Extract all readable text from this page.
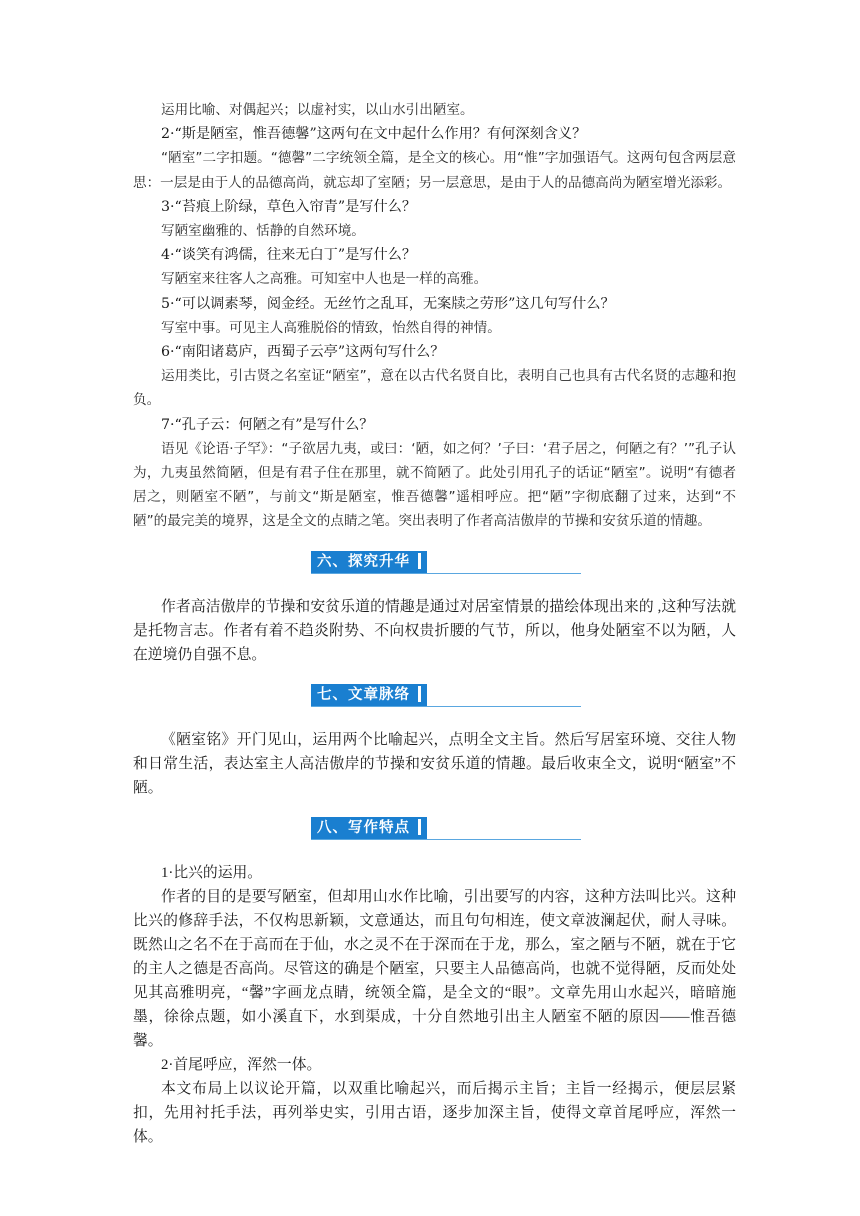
运用比喻、对偶起兴；以虚衬实，以山水引出陋室。

2·“斯是陋室，惟吾德馨”这两句在文中起什么作用？有何深刻含义？

“陋室”二字扣题。“德馨”二字统领全篇，是全文的核心。用“惟”字加强语气。这两句包含两层意思：一层是由于人的品德高尚，就忘却了室陋；另一层意思，是由于人的品德高尚为陋室增光添彩。

3·“苔痕上阶绿，草色入帘青”是写什么？

写陋室幽雅的、恬静的自然环境。

4·“谈笑有鸿儒，往来无白丁”是写什么？

写陋室来往客人之高雅。可知室中人也是一样的高雅。

5·“可以调素琴，阅金经。无丝竹之乱耳，无案牍之劳形”这几句写什么？

写室中事。可见主人高雅脱俗的情致，怡然自得的神情。

6·“南阳诸葛庐，西蜀子云亭”这两句写什么？

运用类比，引古贤之名室证“陋室”，意在以古代名贤自比，表明自己也具有古代名贤的志趣和抱负。

7·“孔子云：何陋之有”是写什么？

语见《论语·子罕》：“子欲居九夷，或曰：‘陋，如之何？’子曰：‘君子居之，何陋之有？’”孔子认为，九夷虽然简陋，但是有君子住在那里，就不简陋了。此处引用孔子的话证“陋室”。说明“有德者居之，则陋室不陋”，与前文“斯是陋室，惟吾德馨”遥相呼应。把“陋”字彻底翻了过来，达到“不陋”的最完美的境界，这是全文的点睛之笔。突出表明了作者高洁傲岸的节操和安贫乐道的情趣。

六、探究升华

作者高洁傲岸的节操和安贫乐道的情趣是通过对居室情景的描绘体现出来的 ,这种写法就是托物言志。作者有着不趋炎附势、不向权贵折腰的气节，所以，他身处陋室不以为陋，人在逆境仍自强不息。

七、文章脉络

《陋室铭》开门见山，运用两个比喻起兴，点明全文主旨。然后写居室环境、交往人物和日常生活，表达室主人高洁傲岸的节操和安贫乐道的情趣。最后收束全文，说明“陋室”不陋。

八、写作特点

1·比兴的运用。

作者的目的是要写陋室，但却用山水作比喻，引出要写的内容，这种方法叫比兴。这种比兴的修辞手法，不仅构思新颖，文意通达，而且句句相连，使文章波澜起伏，耐人寻味。既然山之名不在于高而在于仙，水之灵不在于深而在于龙，那么，室之陋与不陋，就在于它的主人之德是否高尚。尽管这的确是个陋室，只要主人品德高尚，也就不觉得陋，反而处处见其高雅明亮，“馨”字画龙点睛，统领全篇，是全文的“眼”。文章先用山水起兴，暗暗施墨，徐徐点题，如小溪直下，水到渠成，十分自然地引出主人陋室不陋的原因——惟吾德馨。

2·首尾呼应，浑然一体。

本文布局上以议论开篇，以双重比喻起兴，而后揭示主旨；主旨一经揭示，便层层紧扣，先用衬托手法，再列举史实，引用古语，逐步加深主旨，使得文章首尾呼应，浑然一体。
